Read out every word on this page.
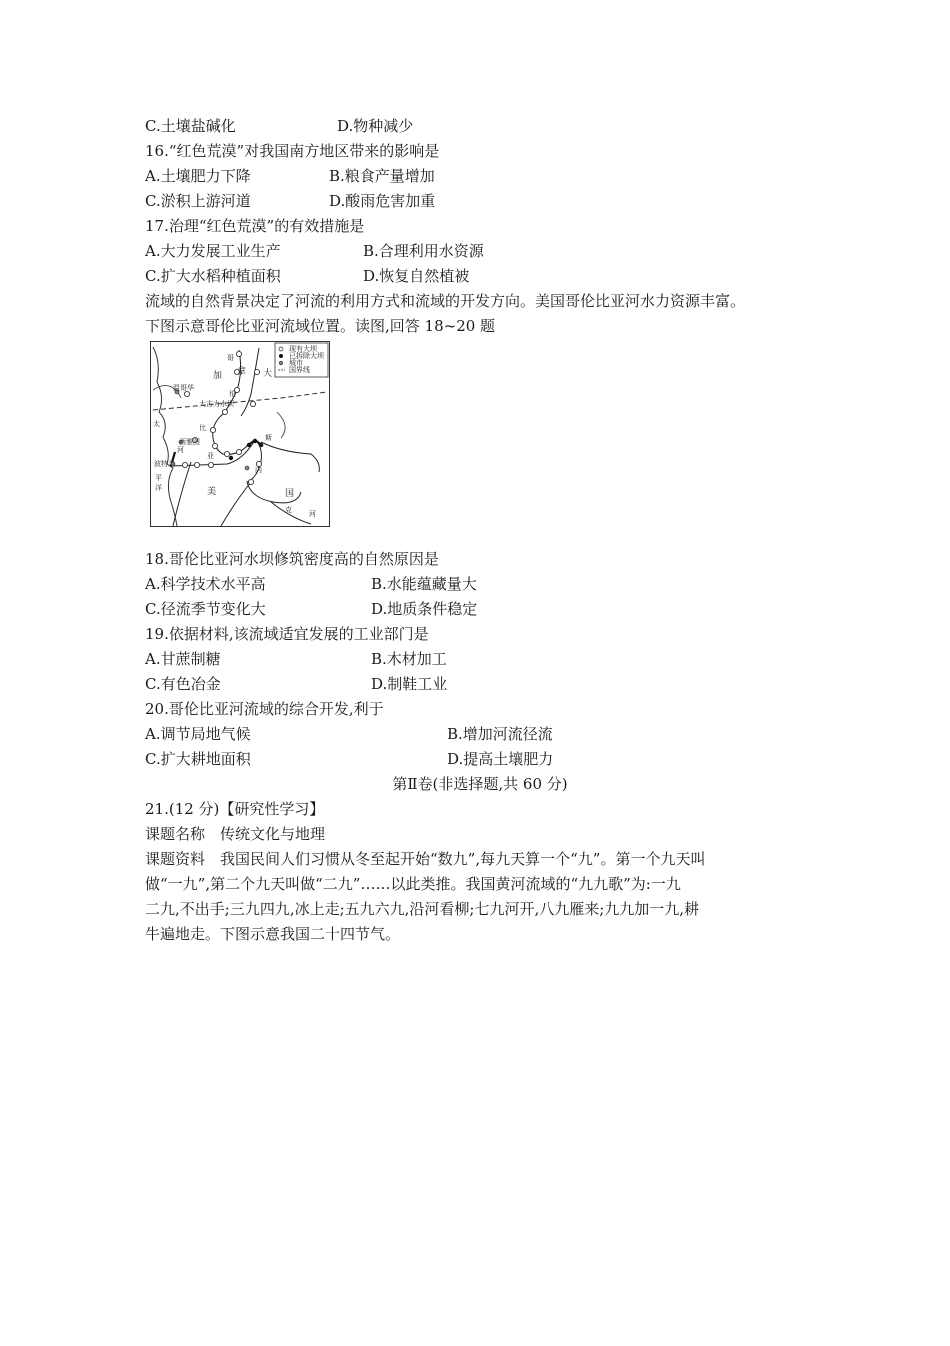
C.土壤盐碱化	D.物种减少
16.“红色荒漠”对我国南方地区带来的影响是
A.土壤肥力下降	B.粮食产量增加
C.淤积上游河道	D.酸雨危害加重
17.治理“红色荒漠”的有效措施是
A.大力发展工业生产	B.合理利用水资源
C.扩大水稻种植面积	D.恢复自然植被
流域的自然背景决定了河流的利用方式和流域的开发方向。美国哥伦比亚河水力资源丰富。
下图示意哥伦比亚河流域位置。读图,回答 18~20 题
现有大坝
已拆除大坝
城市
国界线
加 拿 大
美	国
温哥华
西雅图
波特兰
大古力水坝
太
平
洋
哥
伦
比
亚
河
斯
内
克 河
18.哥伦比亚河水坝修筑密度高的自然原因是
A.科学技术水平高	B.水能蕴藏量大
C.径流季节变化大	D.地质条件稳定
19.依据材料,该流域适宜发展的工业部门是
A.甘蔗制糖	B.木材加工
C.有色冶金	D.制鞋工业
20.哥伦比亚河流域的综合开发,利于
A.调节局地气候	B.增加河流径流
C.扩大耕地面积	D.提高土壤肥力
第Ⅱ卷(非选择题,共 60 分)
21.(12 分)【研究性学习】
课题名称　传统文化与地理
课题资料　我国民间人们习惯从冬至起开始“数九”,每九天算一个“九”。第一个九天叫
做“一九”,第二个九天叫做“二九”……以此类推。我国黄河流域的“九九歌”为:一九
二九,不出手;三九四九,冰上走;五九六九,沿河看柳;七九河开,八九雁来;九九加一九,耕
牛遍地走。下图示意我国二十四节气。
